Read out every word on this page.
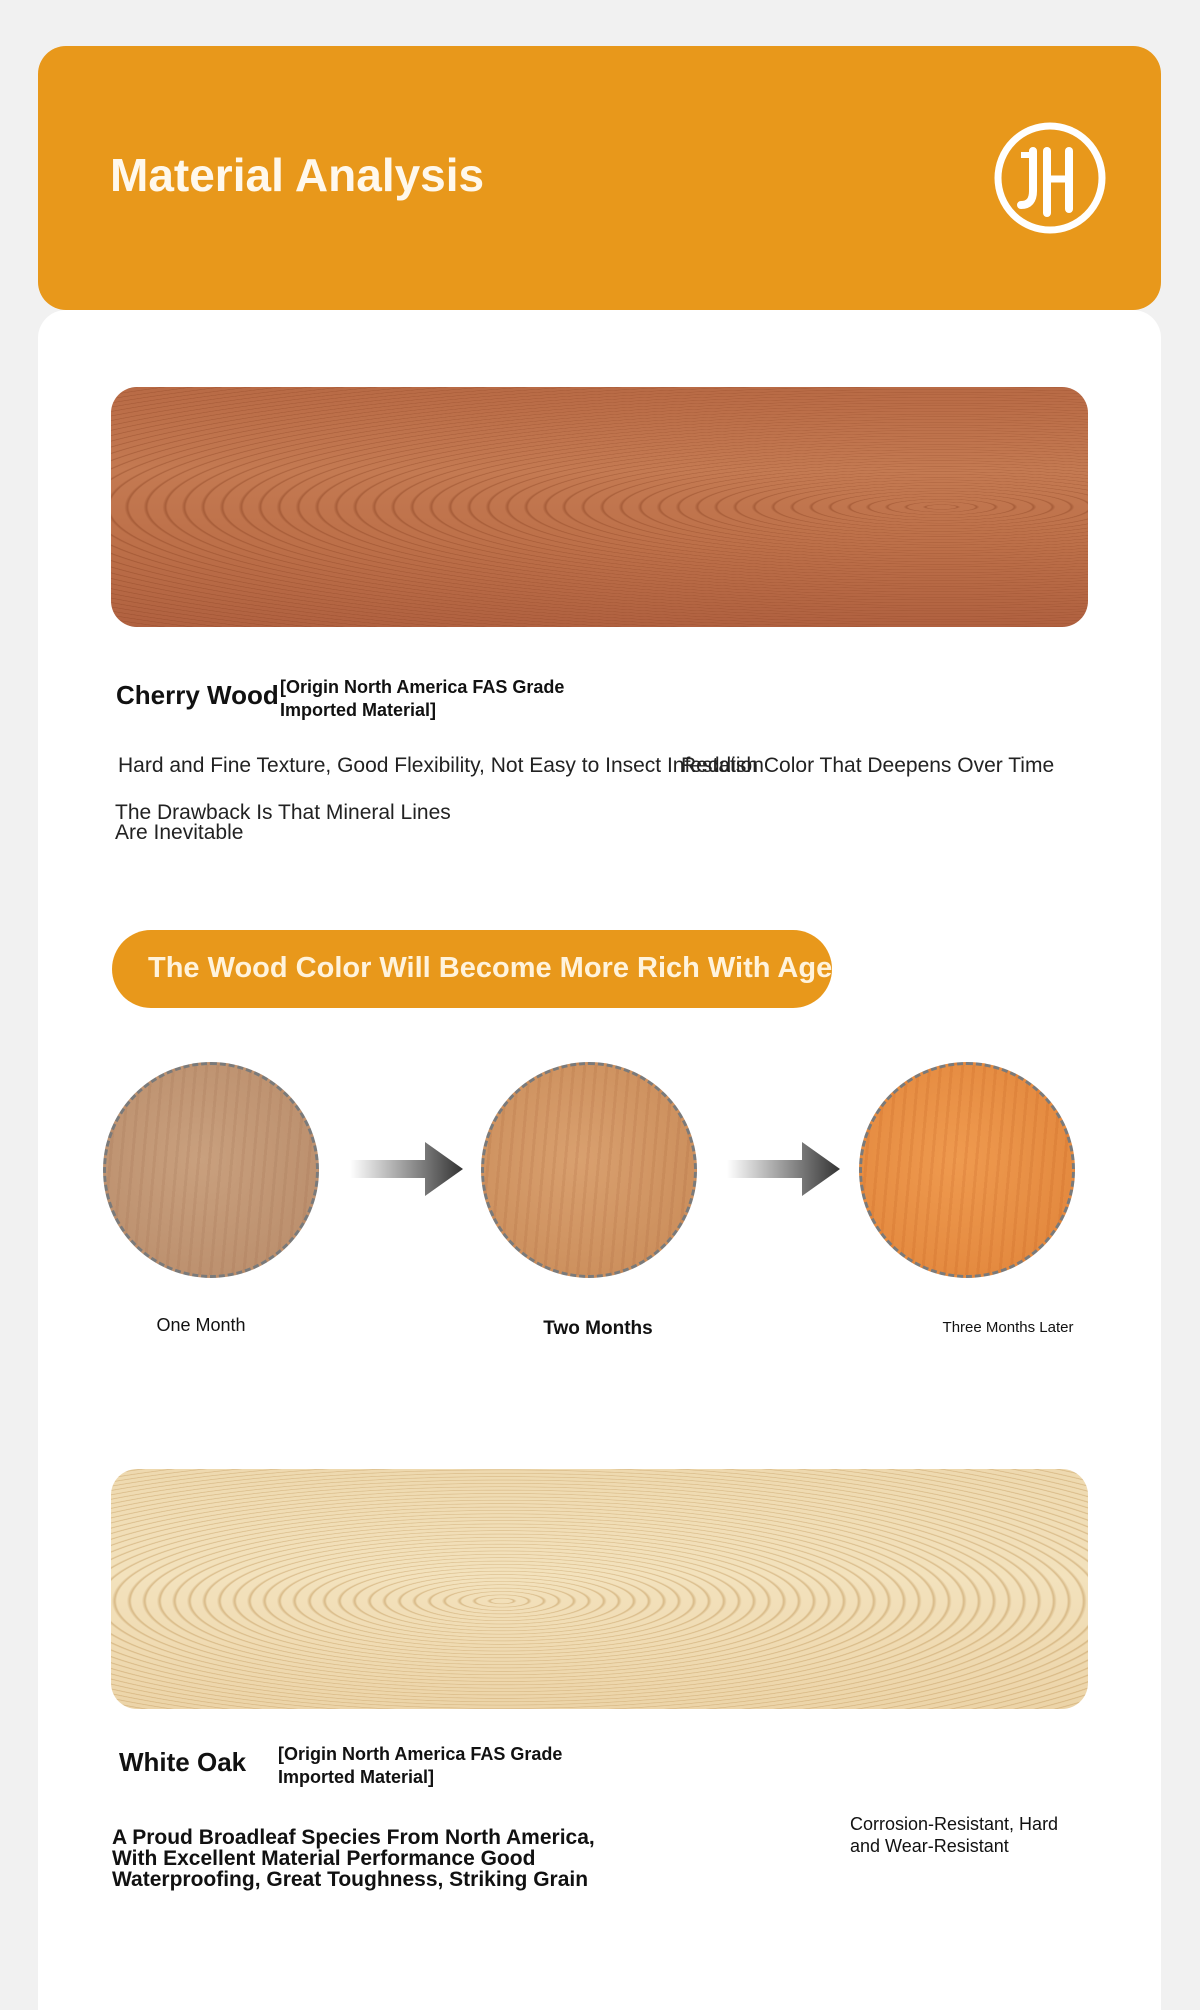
Material Analysis
Cherry Wood [Origin North America FAS Grade
Imported Material]
Hard and Fine Texture, Good Flexibility, Not Easy to Insect Infestation
Reddish Color That Deepens Over Time
The Drawback Is That Mineral Lines
Are Inevitable
The Wood Color Will Become More Rich With Age
One Month	Two Months	Three Months Later
White Oak [Origin North America FAS Grade
Imported Material]
A Proud Broadleaf Species From North America,
With Excellent Material Performance Good
Waterproofing, Great Toughness, Striking Grain
Corrosion-Resistant, Hard
and Wear-Resistant
